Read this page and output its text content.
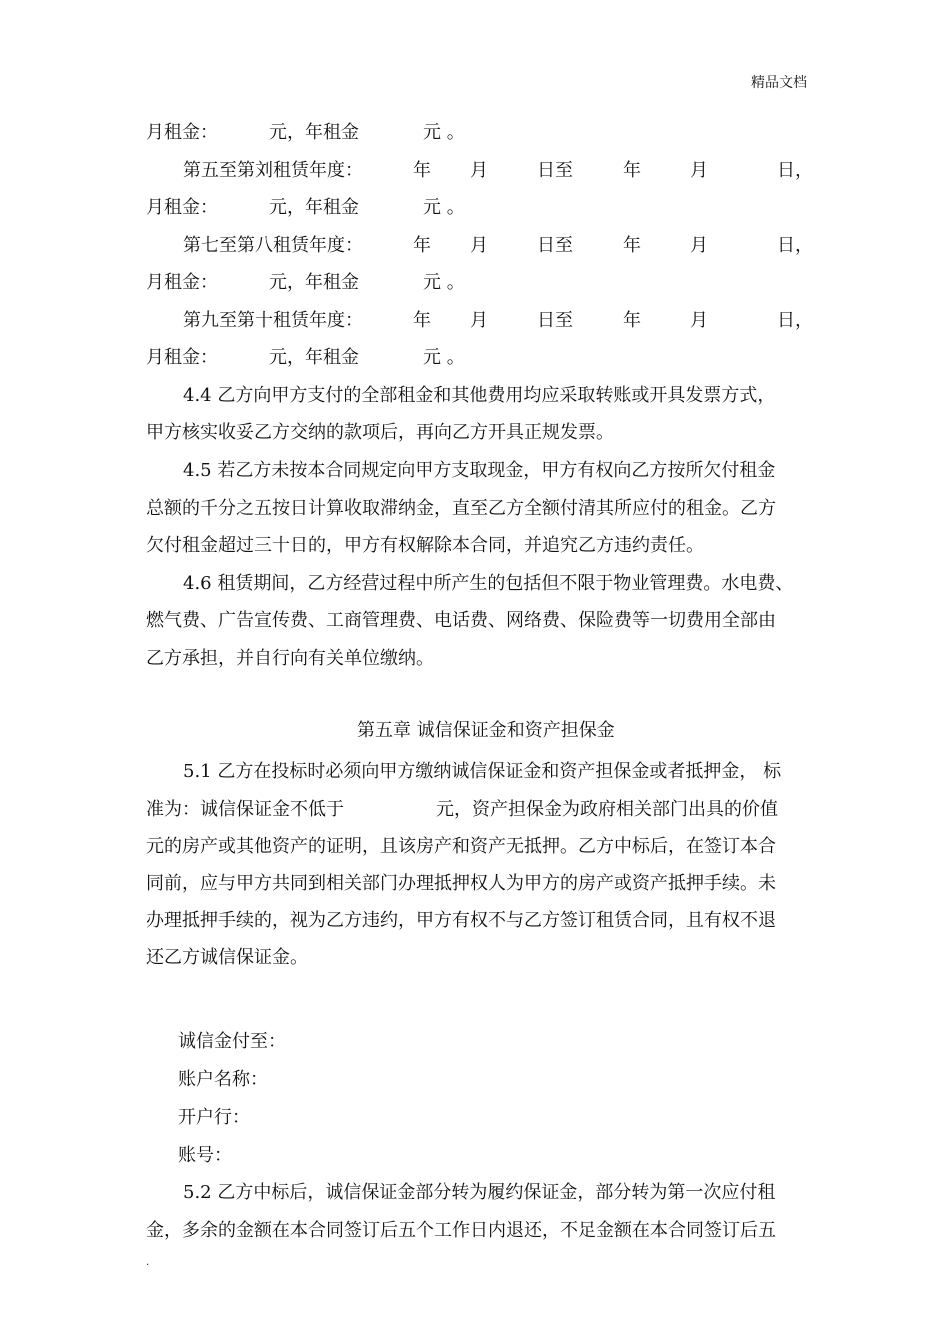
精品文档
月租金：	元，年租金	元 。
第五至第刘租赁年度：	年 月	日至	年	月	日，
月租金：	元，年租金	元 。
第七至第八租赁年度：	年 月	日至	年	月	日，
月租金：	元，年租金	元 。
第九至第十租赁年度：	年 月	日至	年	月	日，
月租金：	元，年租金	元 。
4.4 乙方向甲方支付的全部租金和其他费用均应采取转账或开具发票方式，
甲方核实收妥乙方交纳的款项后，再向乙方开具正规发票。
4.5 若乙方未按本合同规定向甲方支取现金，甲方有权向乙方按所欠付租金
总额的千分之五按日计算收取滞纳金，直至乙方全额付清其所应付的租金。乙方
欠付租金超过三十日的，甲方有权解除本合同，并追究乙方违约责任。
4.6 租赁期间，乙方经营过程中所产生的包括但不限于物业管理费。水电费、
燃气费、广告宣传费、工商管理费、电话费、网络费、保险费等一切费用全部由
乙方承担，并自行向有关单位缴纳。
第五章 诚信保证金和资产担保金
5.1 乙方在投标时必须向甲方缴纳诚信保证金和资产担保金或者抵押金， 标
准为：诚信保证金不低于	元，资产担保金为政府相关部门出具的价值
元的房产或其他资产的证明，且该房产和资产无抵押。乙方中标后，在签订本合
同前，应与甲方共同到相关部门办理抵押权人为甲方的房产或资产抵押手续。未
办理抵押手续的，视为乙方违约，甲方有权不与乙方签订租赁合同，且有权不退
还乙方诚信保证金。
诚信金付至：
账户名称：
开户行：
账号：
5.2 乙方中标后，诚信保证金部分转为履约保证金，部分转为第一次应付租
金，多余的金额在本合同签订后五个工作日内退还，不足金额在本合同签订后五
.
